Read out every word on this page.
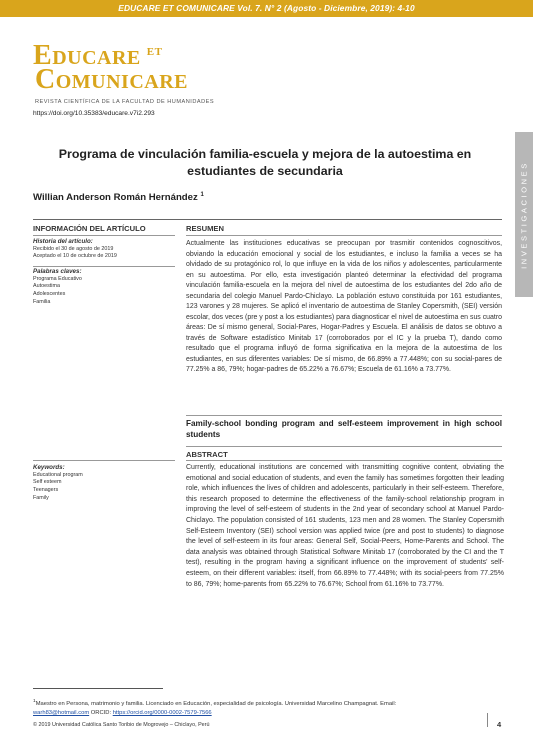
EDUCARE ET COMUNICARE Vol. 7. N° 2 (Agosto - Diciembre, 2019): 4-10
EDUCARE $^{ET}$
COMUNICARE
REVISTA CIENTÍFICA DE LA FACULTAD DE HUMANIDADES
https://doi.org/10.35383/educare.v7i2.293
INVESTIGACIONES
Programa de vinculación familia-escuela y mejora de la autoestima en estudiantes de secundaria
Willian Anderson Román Hernández $^1$
INFORMACIÓN DEL ARTÍCULO	RESUMEN
Historia del artículo:
Recibido el 30 de agosto de 2019
Aceptado el 10 de octubre de 2019
Palabras claves:
Programa Educativo
Autoestima
Adolescentes
Familia
Actualmente las instituciones educativas se preocupan por trasmitir contenidos cognoscitivos, obviando la educación emocional y social de los estudiantes, e incluso la familia a veces se ha olvidado de su protagónico rol, lo que influye en la vida de los niños y adolescentes, particularmente en su autoestima. Por ello, esta investigación planteó determinar la efectividad del programa vinculación familia-escuela en la mejora del nivel de autoestima de los estudiantes del 2do año de secundaria del colegio Manuel Pardo-Chiclayo. La población estuvo constituida por 161 estudiantes, 123 varones y 28 mujeres. Se aplicó el inventario de autoestima de Stanley Copersmith, (SEI) versión escolar, dos veces (pre y post a los estudiantes) para diagnosticar el nivel de autoestima en sus cuatro áreas: De sí mismo general, Social-Pares, Hogar-Padres y Escuela. El análisis de datos se obtuvo a través de Software estadístico Minitab 17 (corroborados por el IC y la prueba T), dando como resultado que el programa influyó de forma significativa en la mejora de la autoestima de los estudiantes, en sus diferentes variables: De sí mismo, de 66.89% a 77.448%; con su social-pares de 77.25% a 86, 79%; hogar-padres de 65.22% a 76.67%; Escuela de 61.16% a 73.77%.
Family-school bonding program and self-esteem improvement in high school students
ABSTRACT
Keywords:
Educational program
Self esteem
Teenagers
Family
Currently, educational institutions are concerned with transmitting cognitive content, obviating the emotional and social education of students, and even the family has sometimes forgotten their leading role, which influences the lives of children and adolescents, particularly in their self-esteem. Therefore, this research proposed to determine the effectiveness of the family-school relationship program in improving the level of self-esteem of students in the 2nd year of secondary school at Manuel Pardo-Chiclayo. The population consisted of 161 students, 123 men and 28 women. The Stanley Copersmith Self-Esteem Inventory (SEI) school version was applied twice (pre and post to students) to diagnose the level of self-esteem in its four areas: General Self, Social-Peers, Home-Parents and School. The data analysis was obtained through Statistical Software Minitab 17 (corroborated by the CI and the T test), resulting in the program having a significant influence on the improvement of students' self-esteem, on their different variables: itself, from 66.89% to 77.448%; with its social-peers from 77.25% to 86, 79%; home-parents from 65.22% to 76.67%; School from 61.16% to 73.77%.
$^1$Maestro en Persona, matrimonio y familia. Licenciado en Educación, especialidad de psicología. Universidad Marcelino Champagnat. Email:
warh83@hotmail.com ORCID: https://orcid.org/0000-0002-7579-7566
© 2019 Universidad Católica Santo Toribio de Mogrovejo – Chiclayo, Perú	4
